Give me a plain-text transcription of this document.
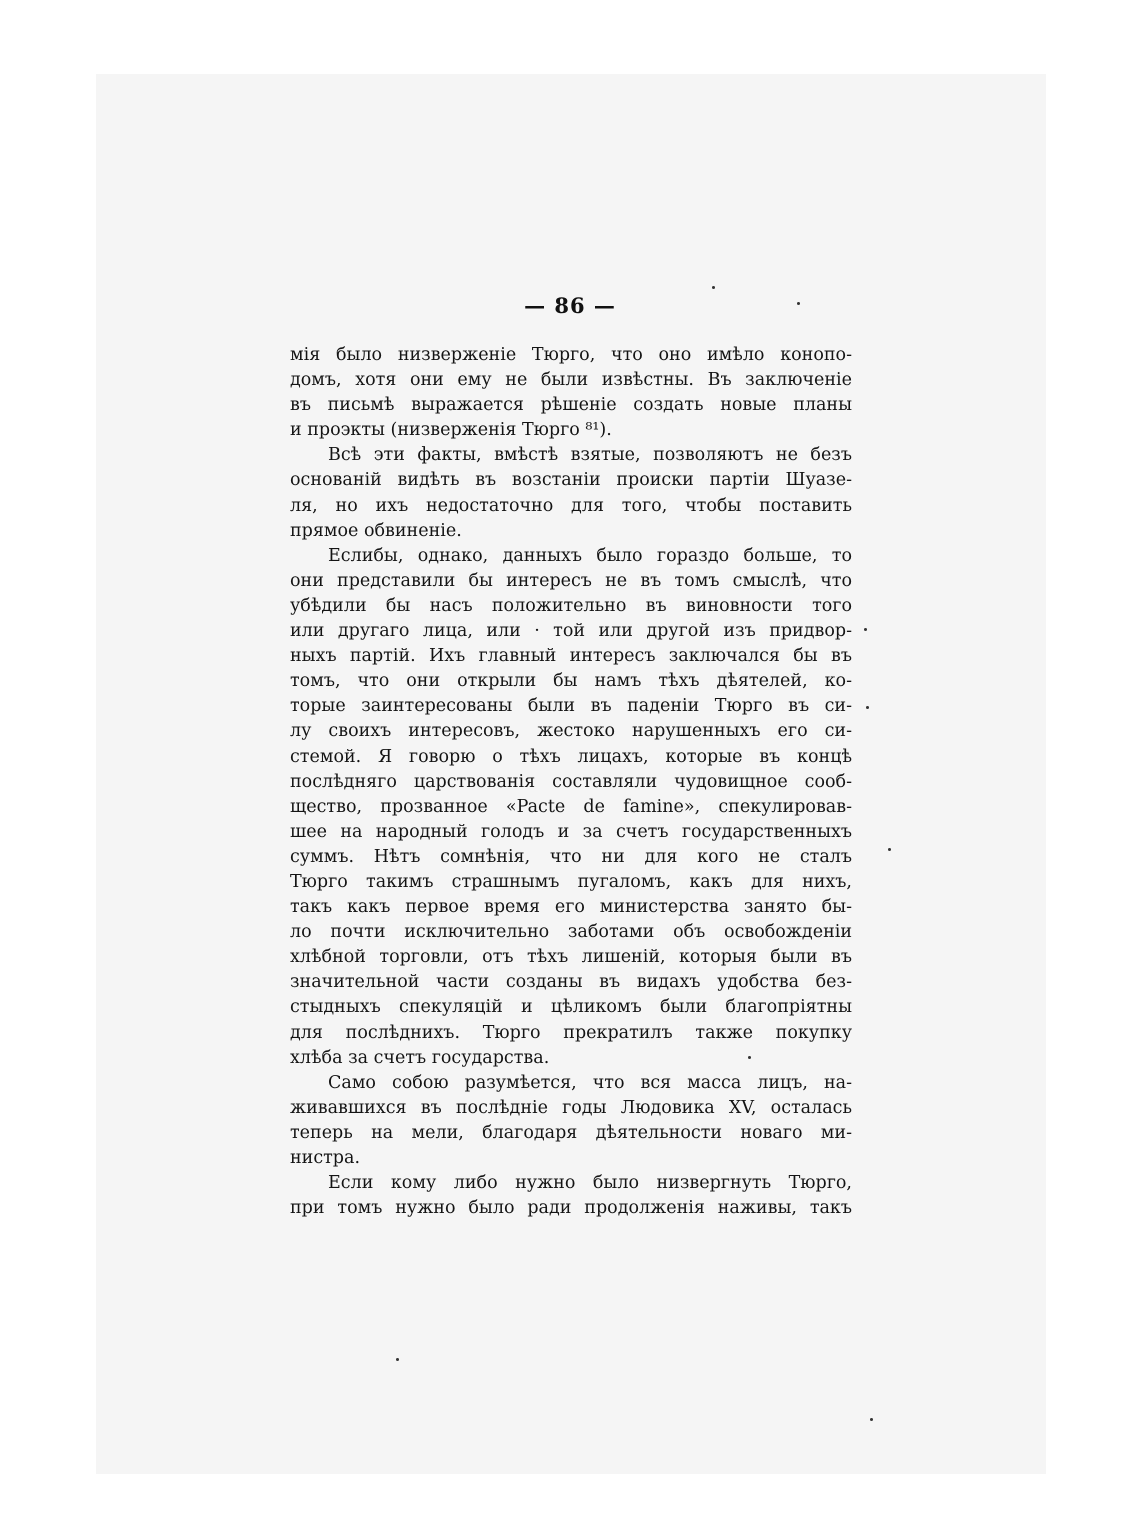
— 86 —
мія было низверженіе Тюрго, что оно имѣло конопо-
домъ, хотя они ему не были извѣстны. Въ заключеніе
въ письмѣ выражается рѣшеніе создать новые планы
и проэкты (низверженія Тюрго ⁸¹).
Всѣ эти факты, вмѣстѣ взятые, позволяютъ не безъ
основаній видѣть въ возстаніи происки партіи Шуазе-
ля, но ихъ недостаточно для того, чтобы поставить
прямое обвиненіе.
Еслибы, однако, данныхъ было гораздо больше, то
они представили бы интересъ не въ томъ смыслѣ, что
убѣдили бы насъ положительно въ виновности того
или другаго лица, или · той или другой изъ придвор-
ныхъ партій. Ихъ главный интересъ заключался бы въ
томъ, что они открыли бы намъ тѣхъ дѣятелей, ко-
торые заинтересованы были въ паденіи Тюрго въ си-
лу своихъ интересовъ, жестоко нарушенныхъ его си-
стемой. Я говорю о тѣхъ лицахъ, которые въ концѣ
послѣдняго царствованія составляли чудовищное сооб-
щество, прозванное «Pacte de famine», спекулировав-
шее на народный голодъ и за счетъ государственныхъ
суммъ. Нѣтъ сомнѣнія, что ни для кого не сталъ
Тюрго такимъ страшнымъ пугаломъ, какъ для нихъ,
такъ какъ первое время его министерства занято бы-
ло почти исключительно заботами объ освобожденіи
хлѣбной торговли, отъ тѣхъ лишеній, которыя были въ
значительной части созданы въ видахъ удобства без-
стыдныхъ спекуляцій и цѣликомъ были благопріятны
для послѣднихъ. Тюрго прекратилъ также покупку
хлѣба за счетъ государства.
Само собою разумѣется, что вся масса лицъ, на-
живавшихся въ послѣдніе годы Людовика XV, осталась
теперь на мели, благодаря дѣятельности новаго ми-
нистра.
Если кому либо нужно было низвергнуть Тюрго,
при томъ нужно было ради продолженія наживы, такъ
